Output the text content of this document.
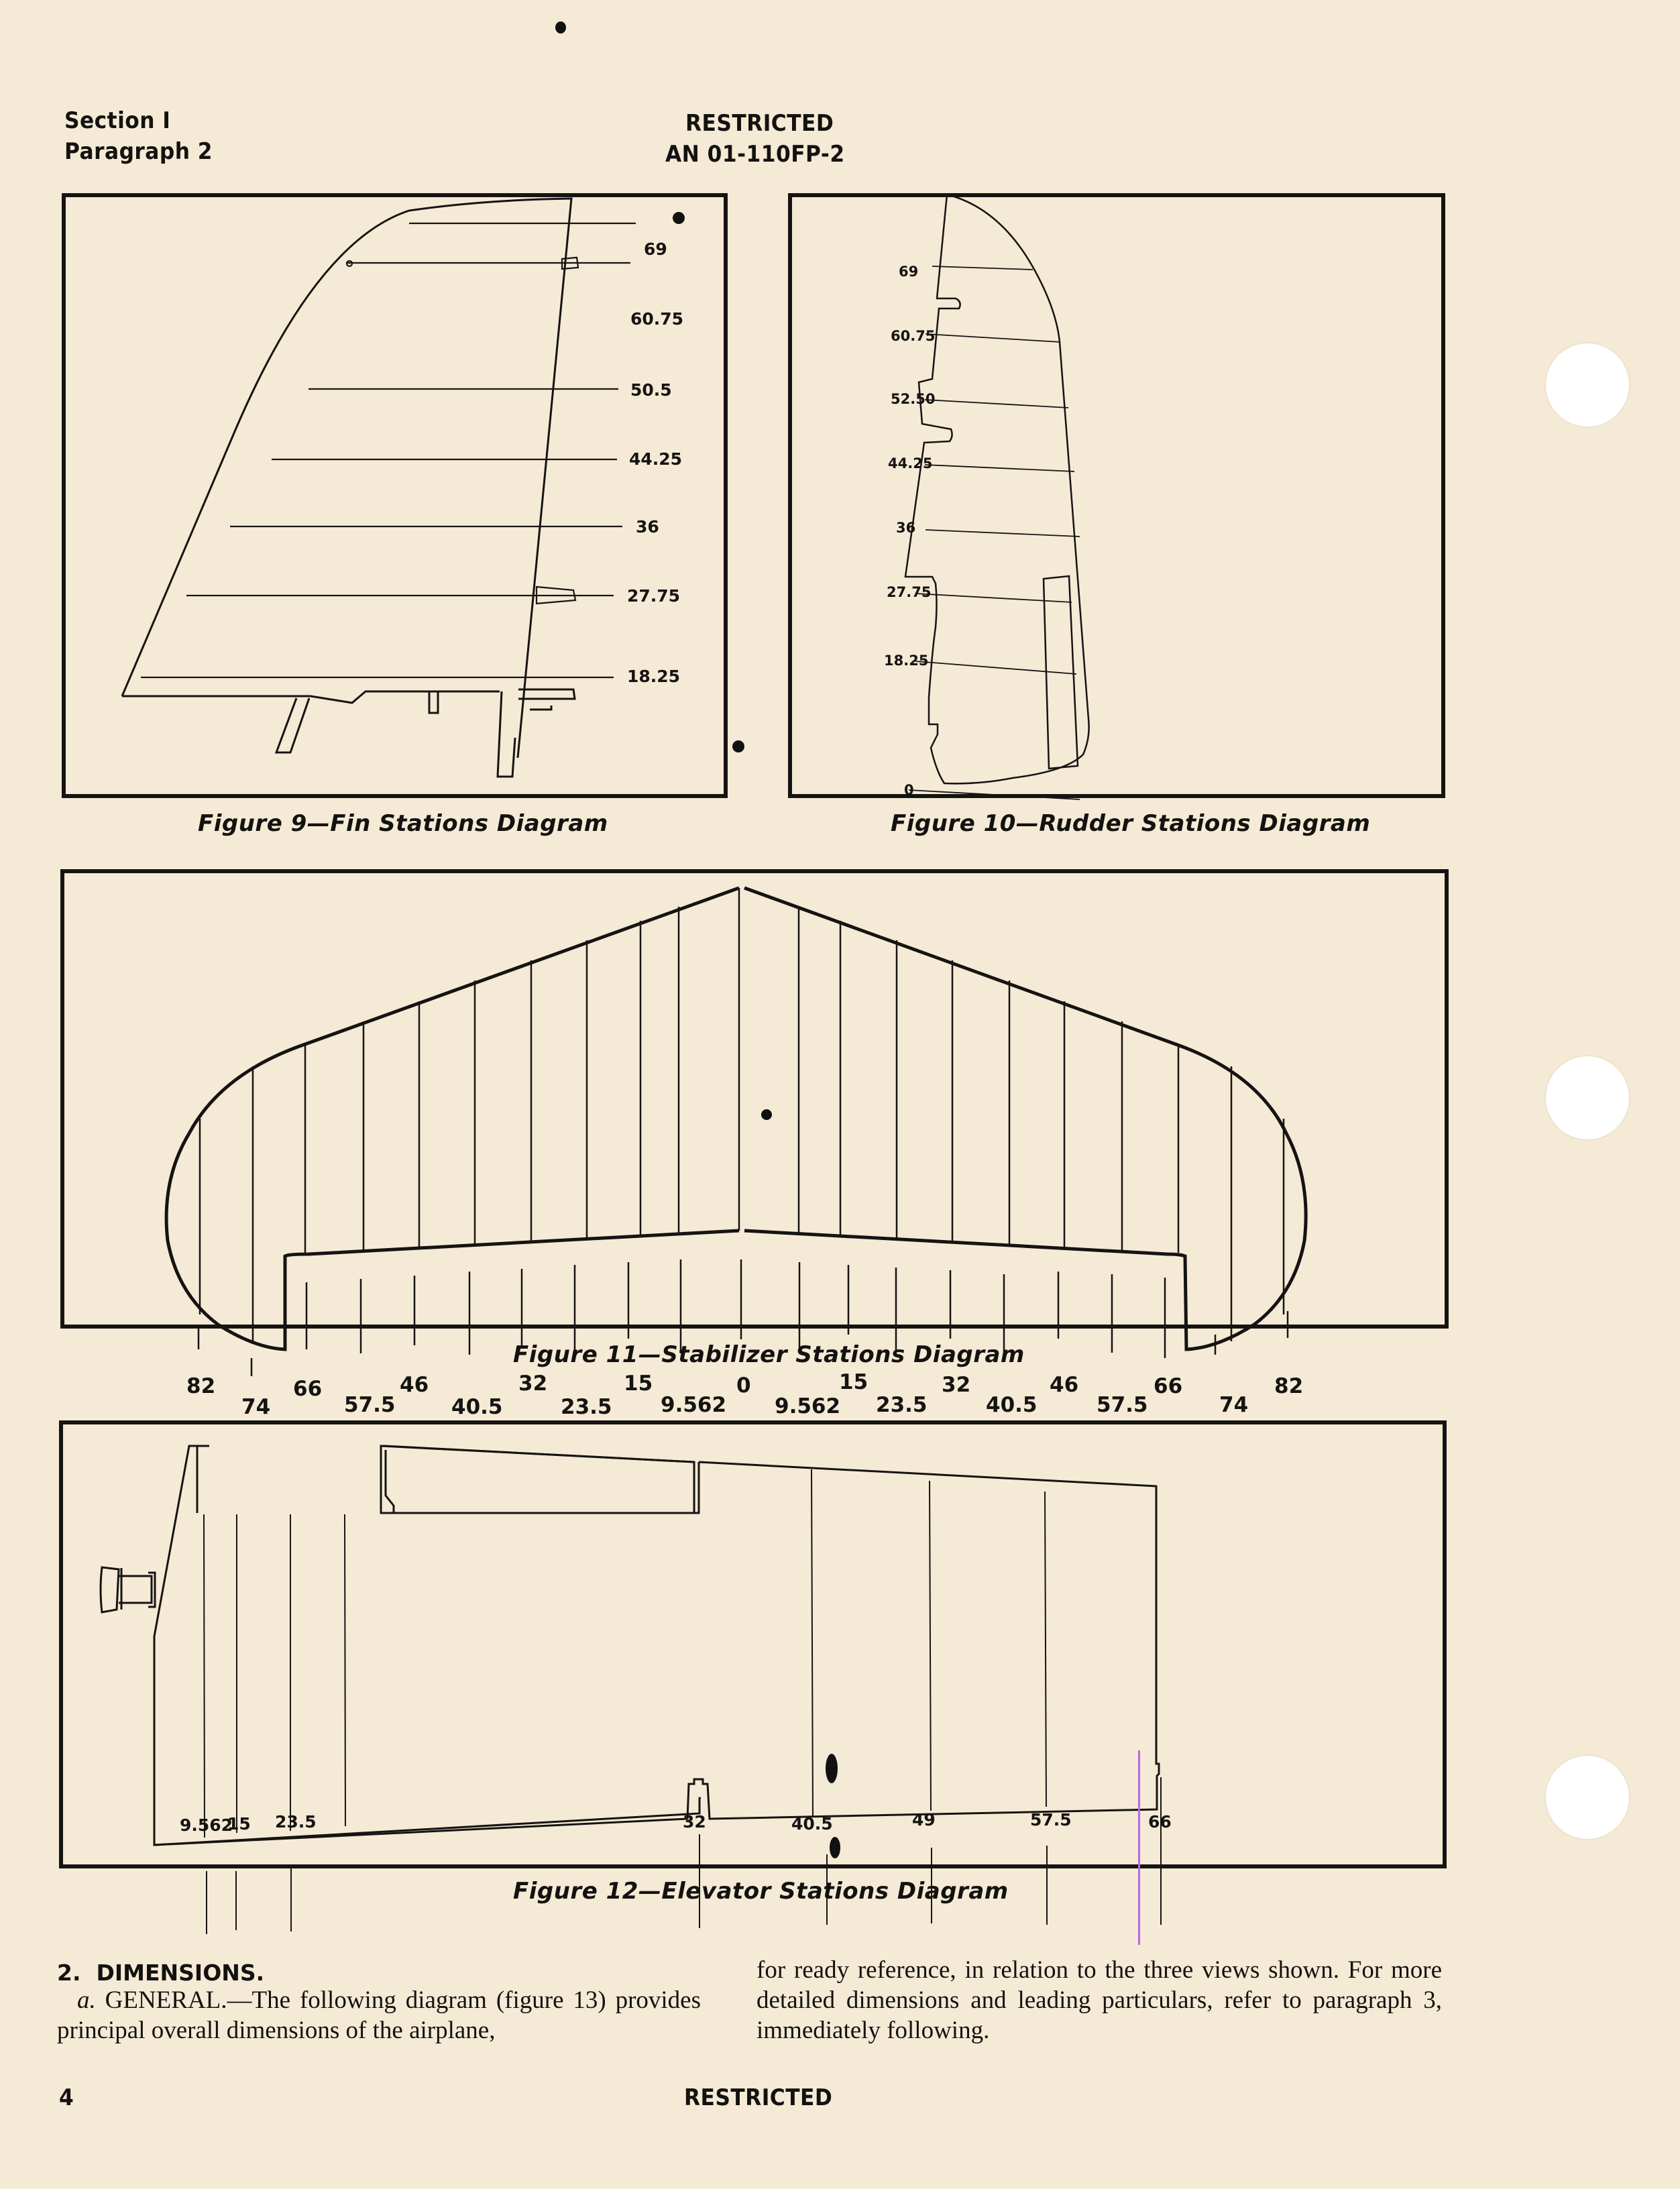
Section I
Paragraph 2
RESTRICTED
AN 01-110FP-2
69
60.75
50.5
44.25
36
27.75
18.25
Figure 9—Fin Stations Diagram
69
60.75
52.50
44.25
36
27.75
18.25
0
Figure 10—Rudder Stations Diagram
82
74
66
57.5
46
40.5
32
23.5
15
9.562
0
9.562
15
23.5
32
40.5
46
57.5
66
74
82
Figure 11—Stabilizer Stations Diagram
9.562
15 23.5	32	40.5	49	57.5	66
Figure 12—Elevator Stations Diagram
2.  DIMENSIONS.
a. GENERAL.—The following diagram (figure 13) provides principal overall dimensions of the airplane,
for ready reference, in relation to the three views shown. For more detailed dimensions and leading particulars, refer to paragraph 3, immediately following.
4	RESTRICTED
